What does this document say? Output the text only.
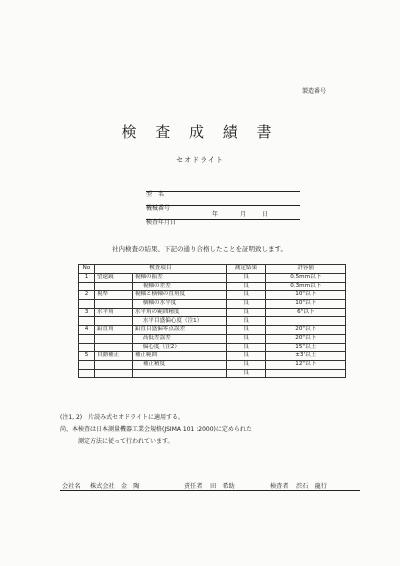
製造番号
検 査 成 績 書
セオドライト
型　名
機械番号
検査年月日
年	月	日
社内検査の結果、下記の通り合格したことを証明致します。
No	検査項目		測定結果	許容値
1	望遠鏡	視軸の振差	良	0.5mm以下
		視軸の差差	良	0.3mm以下
2	視準	視軸と横軸の直角度	良	10"以下
		横軸の水平度	良	10"以下
3	水平角	水平角の範囲精度	良	6"以下
		水平目盛偏心度（注1）	良	
4	鉛直角	鉛直目盛偏零点誤差	良	20"以下
		高低差誤差	良	20"以下
		偏心度（注2）	良	15"以上
5	自動補正	補正範囲	良	±3'以上
		補正精度	良	12"以下
			良	
(注1, 2)　片読み式セオドライトに適用する。
尚、本検査は日本測量機器工業会規格(JSIMA 101 :2000)に定められた
測定方法に従って行われています。
会社名 株式会社　金　陶	責任者 田　希助	検査者 渋石　龍行
